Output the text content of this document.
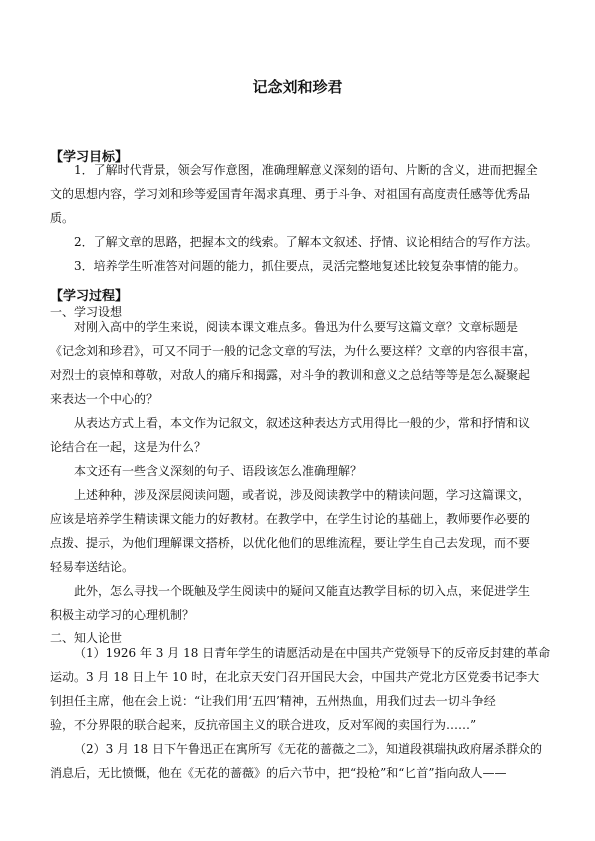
记念刘和珍君
【学习目标】
1．了解时代背景，领会写作意图，准确理解意义深刻的语句、片断的含义，进而把握全
文的思想内容，学习刘和珍等爱国青年渴求真理、勇于斗争、对祖国有高度责任感等优秀品
质。
2．了解文章的思路，把握本文的线索。了解本文叙述、抒情、议论相结合的写作方法。
3．培养学生听准答对问题的能力，抓住要点，灵活完整地复述比较复杂事情的能力。
【学习过程】
一、学习设想
对刚入高中的学生来说，阅读本课文难点多。鲁迅为什么要写这篇文章？文章标题是
《记念刘和珍君》，可又不同于一般的记念文章的写法，为什么要这样？文章的内容很丰富，
对烈士的哀悼和尊敬，对敌人的痛斥和揭露，对斗争的教训和意义之总结等等是怎么凝聚起
来表达一个中心的？
从表达方式上看，本文作为记叙文，叙述这种表达方式用得比一般的少，常和抒情和议
论结合在一起，这是为什么？
本文还有一些含义深刻的句子、语段该怎么准确理解？
上述种种，涉及深层阅读问题，或者说，涉及阅读教学中的精读问题，学习这篇课文，
应该是培养学生精读课文能力的好教材。在教学中，在学生讨论的基础上，教师要作必要的
点拨、提示，为他们理解课文搭桥，以优化他们的思维流程，要让学生自己去发现，而不要
轻易奉送结论。
此外，怎么寻找一个既触及学生阅读中的疑问又能直达教学目标的切入点，来促进学生
积极主动学习的心理机制？
二、知人论世
（1）1926 年 3 月 18 日青年学生的请愿活动是在中国共产党领导下的反帝反封建的革命
运动。3 月 18 日上午 10 时，在北京天安门召开国民大会，中国共产党北方区党委书记李大
钊担任主席，他在会上说：“让我们用‘五四’精神，五州热血，用我们过去一切斗争经
验，不分界限的联合起来，反抗帝国主义的联合进攻，反对军阀的卖国行为……”
（2）3 月 18 日下午鲁迅正在寓所写《无花的蔷薇之二》，知道段祺瑞执政府屠杀群众的
消息后，无比愤慨，他在《无花的蔷薇》的后六节中，把“投枪”和“匕首”指向敌人——
